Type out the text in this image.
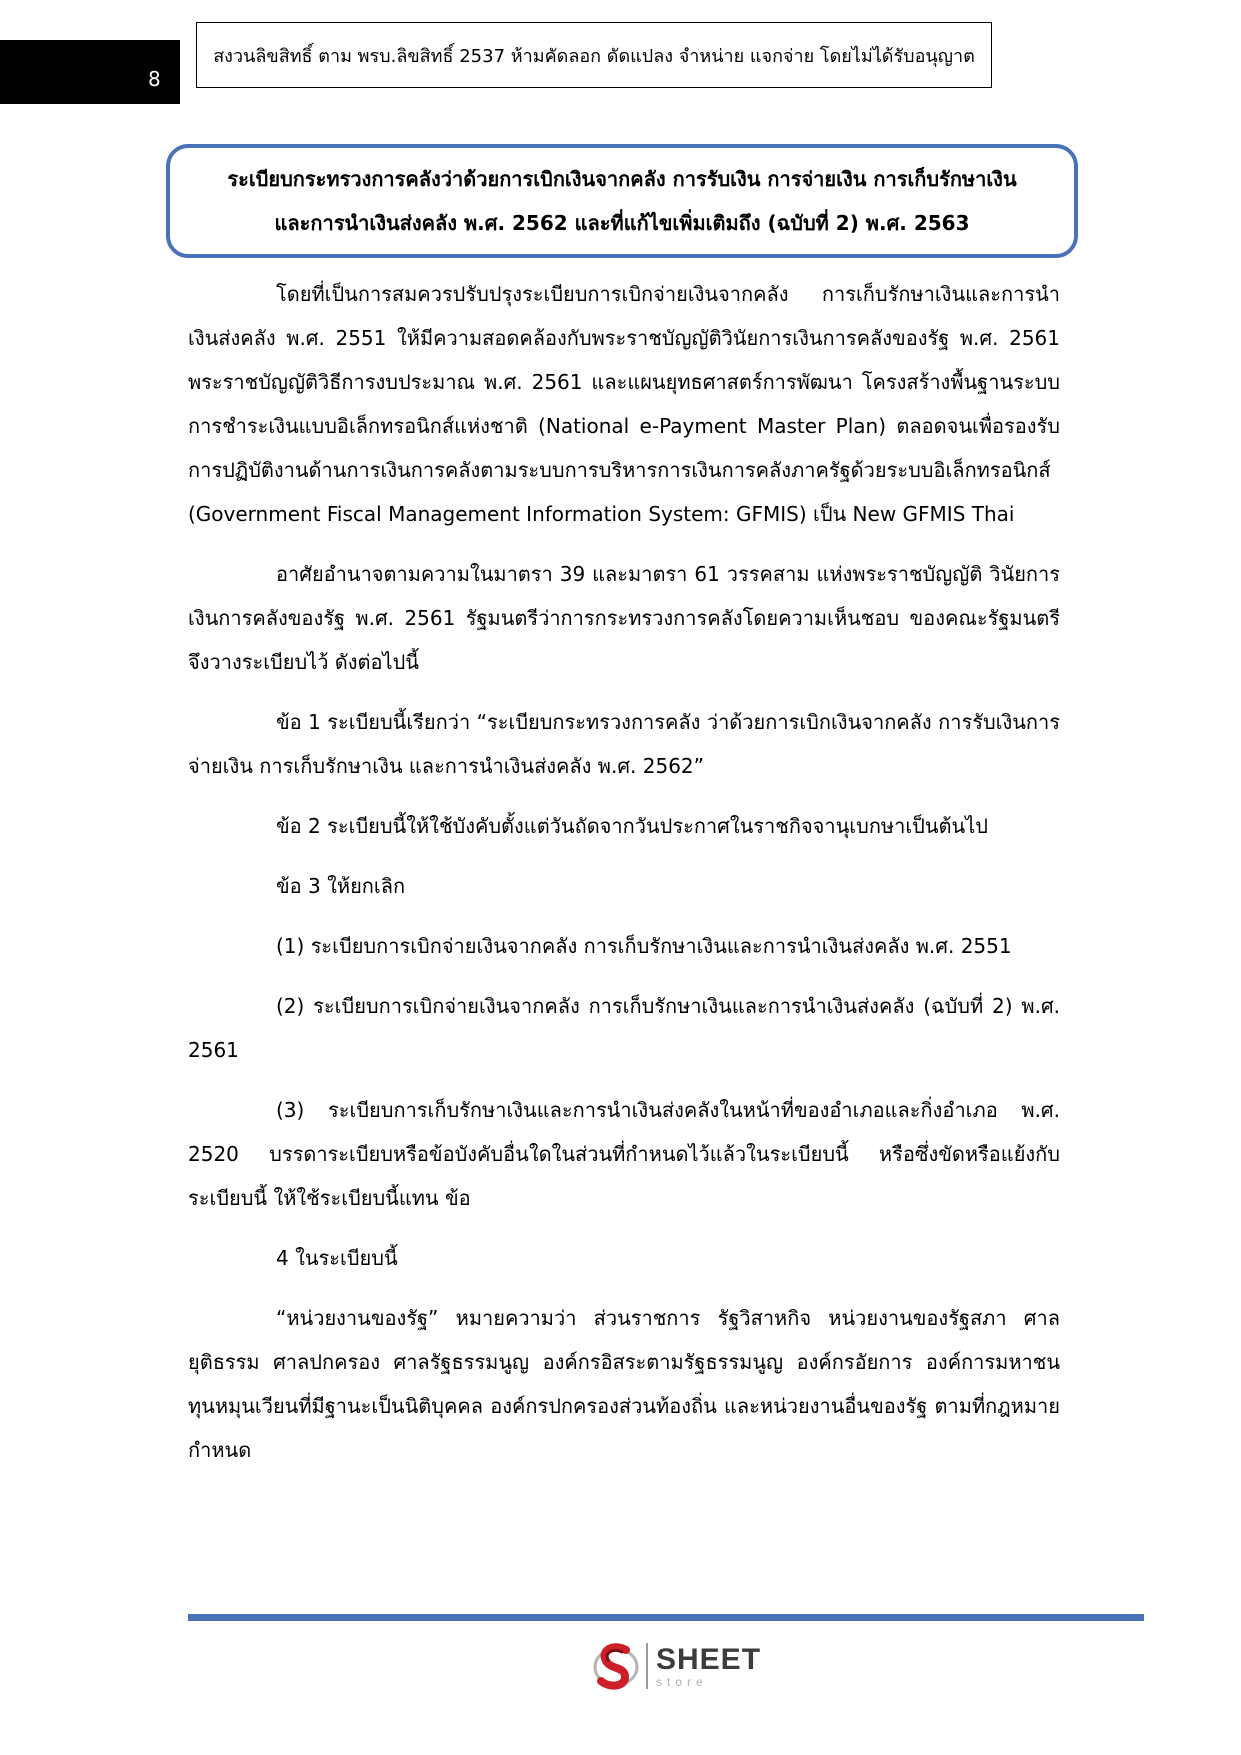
8
สงวนลิขสิทธิ์ ตาม พรบ.ลิขสิทธิ์ 2537 ห้ามคัดลอก ดัดแปลง จำหน่าย แจกจ่าย โดยไม่ได้รับอนุญาต
ระเบียบกระทรวงการคลังว่าด้วยการเบิกเงินจากคลัง การรับเงิน การจ่ายเงิน การเก็บรักษาเงิน
และการนำเงินส่งคลัง พ.ศ. 2562 และที่แก้ไขเพิ่มเติมถึง (ฉบับที่ 2) พ.ศ. 2563

โดยที่เป็นการสมควรปรับปรุงระเบียบการเบิกจ่ายเงินจากคลัง การเก็บรักษาเงินและการนำ เงินส่งคลัง พ.ศ. 2551 ให้มีความสอดคล้องกับพระราชบัญญัติวินัยการเงินการคลังของรัฐ พ.ศ. 2561 พระราชบัญญัติวิธีการงบประมาณ พ.ศ. 2561 และแผนยุทธศาสตร์การพัฒนา โครงสร้างพื้นฐานระบบการชำระเงินแบบอิเล็กทรอนิกส์แห่งชาติ (National e-Payment Master Plan) ตลอดจนเพื่อรองรับการปฏิบัติงานด้านการเงินการคลังตามระบบการบริหารการเงินการคลังภาครัฐด้วยระบบอิเล็กทรอนิกส์ (Government Fiscal Management Information System: GFMIS) เป็น New GFMIS Thai

อาศัยอำนาจตามความในมาตรา 39 และมาตรา 61 วรรคสาม แห่งพระราชบัญญัติ วินัยการเงินการคลังของรัฐ พ.ศ. 2561 รัฐมนตรีว่าการกระทรวงการคลังโดยความเห็นชอบ ของคณะรัฐมนตรี จึงวางระเบียบไว้ ดังต่อไปนี้

ข้อ 1 ระเบียบนี้เรียกว่า “ระเบียบกระทรวงการคลัง ว่าด้วยการเบิกเงินจากคลัง การรับเงินการจ่ายเงิน การเก็บรักษาเงิน และการนำเงินส่งคลัง พ.ศ. 2562”

ข้อ 2 ระเบียบนี้ให้ใช้บังคับตั้งแต่วันถัดจากวันประกาศในราชกิจจานุเบกษาเป็นต้นไป

ข้อ 3 ให้ยกเลิก

(1) ระเบียบการเบิกจ่ายเงินจากคลัง การเก็บรักษาเงินและการนำเงินส่งคลัง พ.ศ. 2551

(2) ระเบียบการเบิกจ่ายเงินจากคลัง การเก็บรักษาเงินและการนำเงินส่งคลัง (ฉบับที่ 2) พ.ศ. 2561

(3) ระเบียบการเก็บรักษาเงินและการนำเงินส่งคลังในหน้าที่ของอำเภอและกิ่งอำเภอ พ.ศ. 2520 บรรดาระเบียบหรือข้อบังคับอื่นใดในส่วนที่กำหนดไว้แล้วในระเบียบนี้ หรือซึ่งขัดหรือแย้งกับระเบียบนี้ ให้ใช้ระเบียบนี้แทน ข้อ

4 ในระเบียบนี้

“หน่วยงานของรัฐ” หมายความว่า ส่วนราชการ รัฐวิสาหกิจ หน่วยงานของรัฐสภา ศาลยุติธรรม ศาลปกครอง ศาลรัฐธรรมนูญ องค์กรอิสระตามรัฐธรรมนูญ องค์กรอัยการ องค์การมหาชน ทุนหมุนเวียนที่มีฐานะเป็นนิติบุคคล องค์กรปกครองส่วนท้องถิ่น และหน่วยงานอื่นของรัฐ ตามที่กฎหมายกำหนด

SHEET
store
